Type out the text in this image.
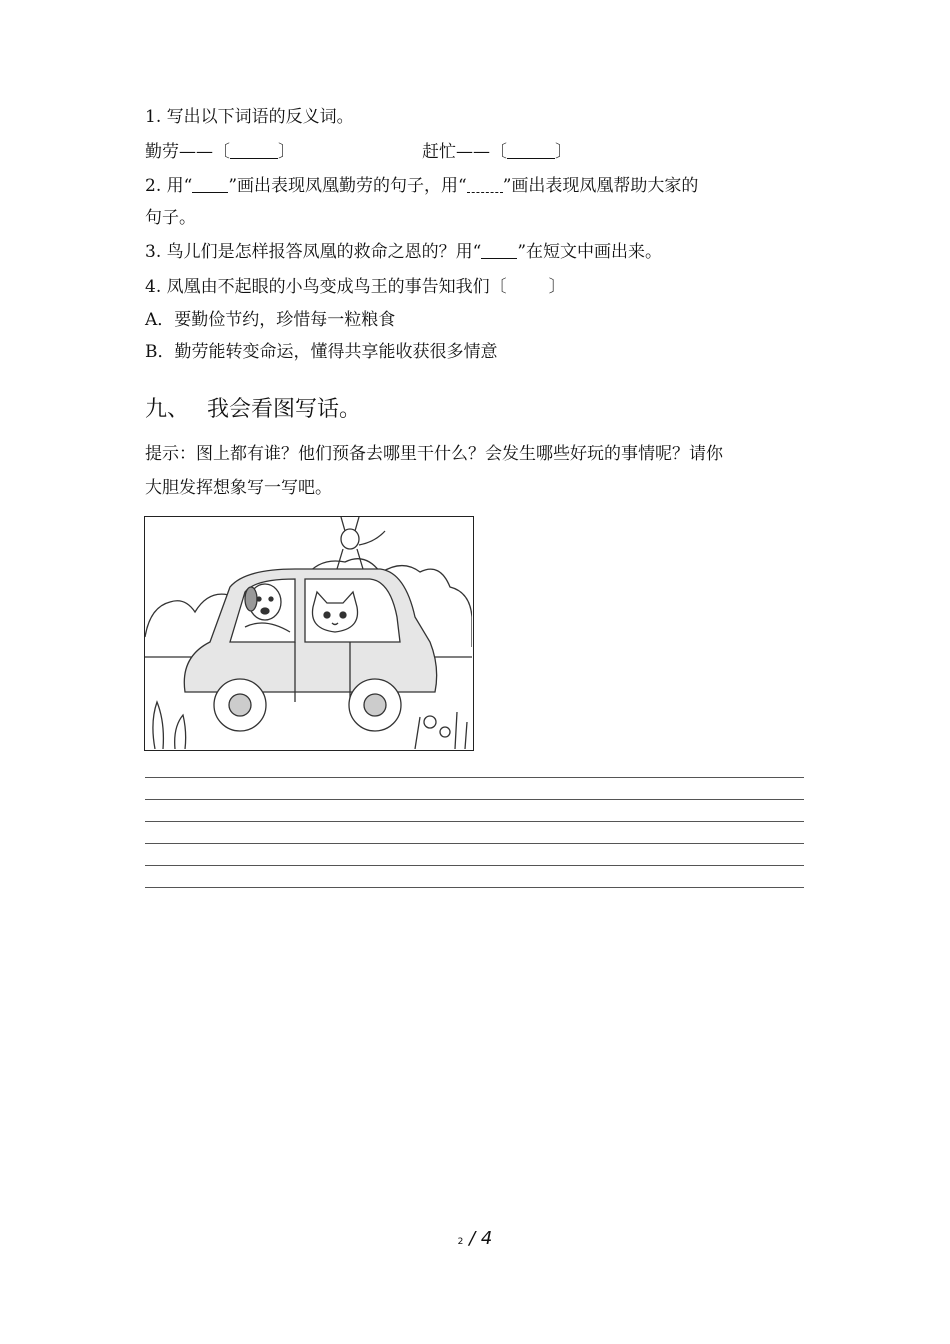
1. 写出以下词语的反义词。
勤劳——〔	〕	赶忙——〔	〕
2. 用“ ”画出表现凤凰勤劳的句子，用“ ”画出表现凤凰帮助大家的
句子。
3. 鸟儿们是怎样报答凤凰的救命之恩的？用“ ”在短文中画出来。
4. 凤凰由不起眼的小鸟变成鸟王的事告知我们〔 〕
A．要勤俭节约，珍惜每一粒粮食
B．勤劳能转变命运，懂得共享能收获很多情意
九、 我会看图写话。
提示：图上都有谁？他们预备去哪里干什么？会发生哪些好玩的事情呢？请你
大胆发挥想象写一写吧。
2 / 4
